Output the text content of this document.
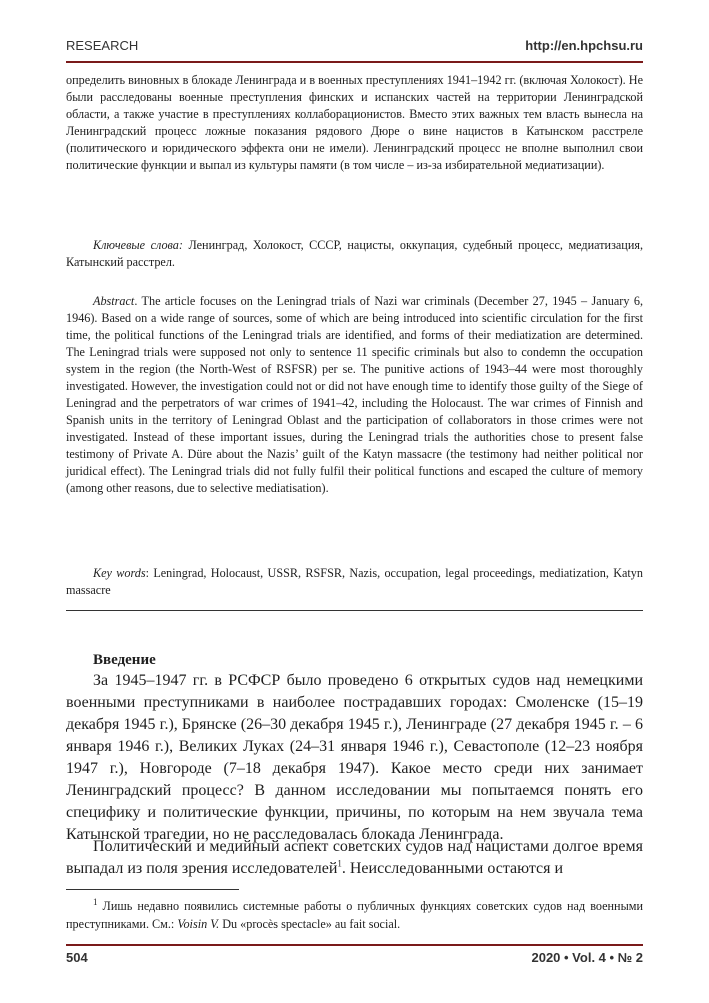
RESEARCH	http://en.hpchsu.ru

определить виновных в блокаде Ленинграда и в военных преступлениях 1941–1942 гг. (включая Холокост). Не были расследованы военные преступления финских и испанских частей на территории Ленинградской области, а также участие в преступлениях коллаборационистов. Вместо этих важных тем власть вынесла на Ленинградский процесс ложные показания рядового Дюре о вине нацистов в Катынском расстреле (политического и юридического эффекта они не имели). Ленинградский процесс не вполне выполнил свои политические функции и выпал из культуры памяти (в том числе – из-за избирательной медиатизации).

Ключевые слова: Ленинград, Холокост, СССР, нацисты, оккупация, судебный процесс, медиатизация, Катынский расстрел.

Abstract. The article focuses on the Leningrad trials of Nazi war criminals (December 27, 1945 – January 6, 1946). Based on a wide range of sources, some of which are being introduced into scientific circulation for the first time, the political functions of the Leningrad trials are identified, and forms of their mediatization are determined. The Leningrad trials were supposed not only to sentence 11 specific criminals but also to condemn the occupation system in the region (the North-West of RSFSR) per se. The punitive actions of 1943–44 were most thoroughly investigated. However, the investigation could not or did not have enough time to identify those guilty of the Siege of Leningrad and the perpetrators of war crimes of 1941–42, including the Holocaust. The war crimes of Finnish and Spanish units in the territory of Leningrad Oblast and the participation of collaborators in those crimes were not investigated. Instead of these important issues, during the Leningrad trials the authorities chose to present false testimony of Private A. Düre about the Nazis’ guilt of the Katyn massacre (the testimony had neither political nor juridical effect). The Leningrad trials did not fully fulfil their political functions and escaped the culture of memory (among other reasons, due to selective mediatisation).

Key words: Leningrad, Holocaust, USSR, RSFSR, Nazis, occupation, legal proceedings, mediatization, Katyn massacre

Введение

За 1945–1947 гг. в РСФСР было проведено 6 открытых судов над немецкими военными преступниками в наиболее пострадавших городах: Смоленске (15–19 декабря 1945 г.), Брянске (26–30 декабря 1945 г.), Ленинграде (27 декабря 1945 г. – 6 января 1946 г.), Великих Луках (24–31 января 1946 г.), Севастополе (12–23 ноября 1947 г.), Новгороде (7–18 декабря 1947). Какое место среди них занимает Ленинградский процесс? В данном исследовании мы попытаемся понять его специфику и политические функции, причины, по которым на нем звучала тема Катынской трагедии, но не расследовалась блокада Ленинграда.

Политический и медийный аспект советских судов над нацистами долгое время выпадал из поля зрения исследователей$^1$. Неисследованными остаются и

$^1$ Лишь недавно появились системные работы о публичных функциях советских судов над военными преступниками. См.: Voisin V. Du «procès spectacle» au fait social.

504	2020 • Vol. 4 • № 2
